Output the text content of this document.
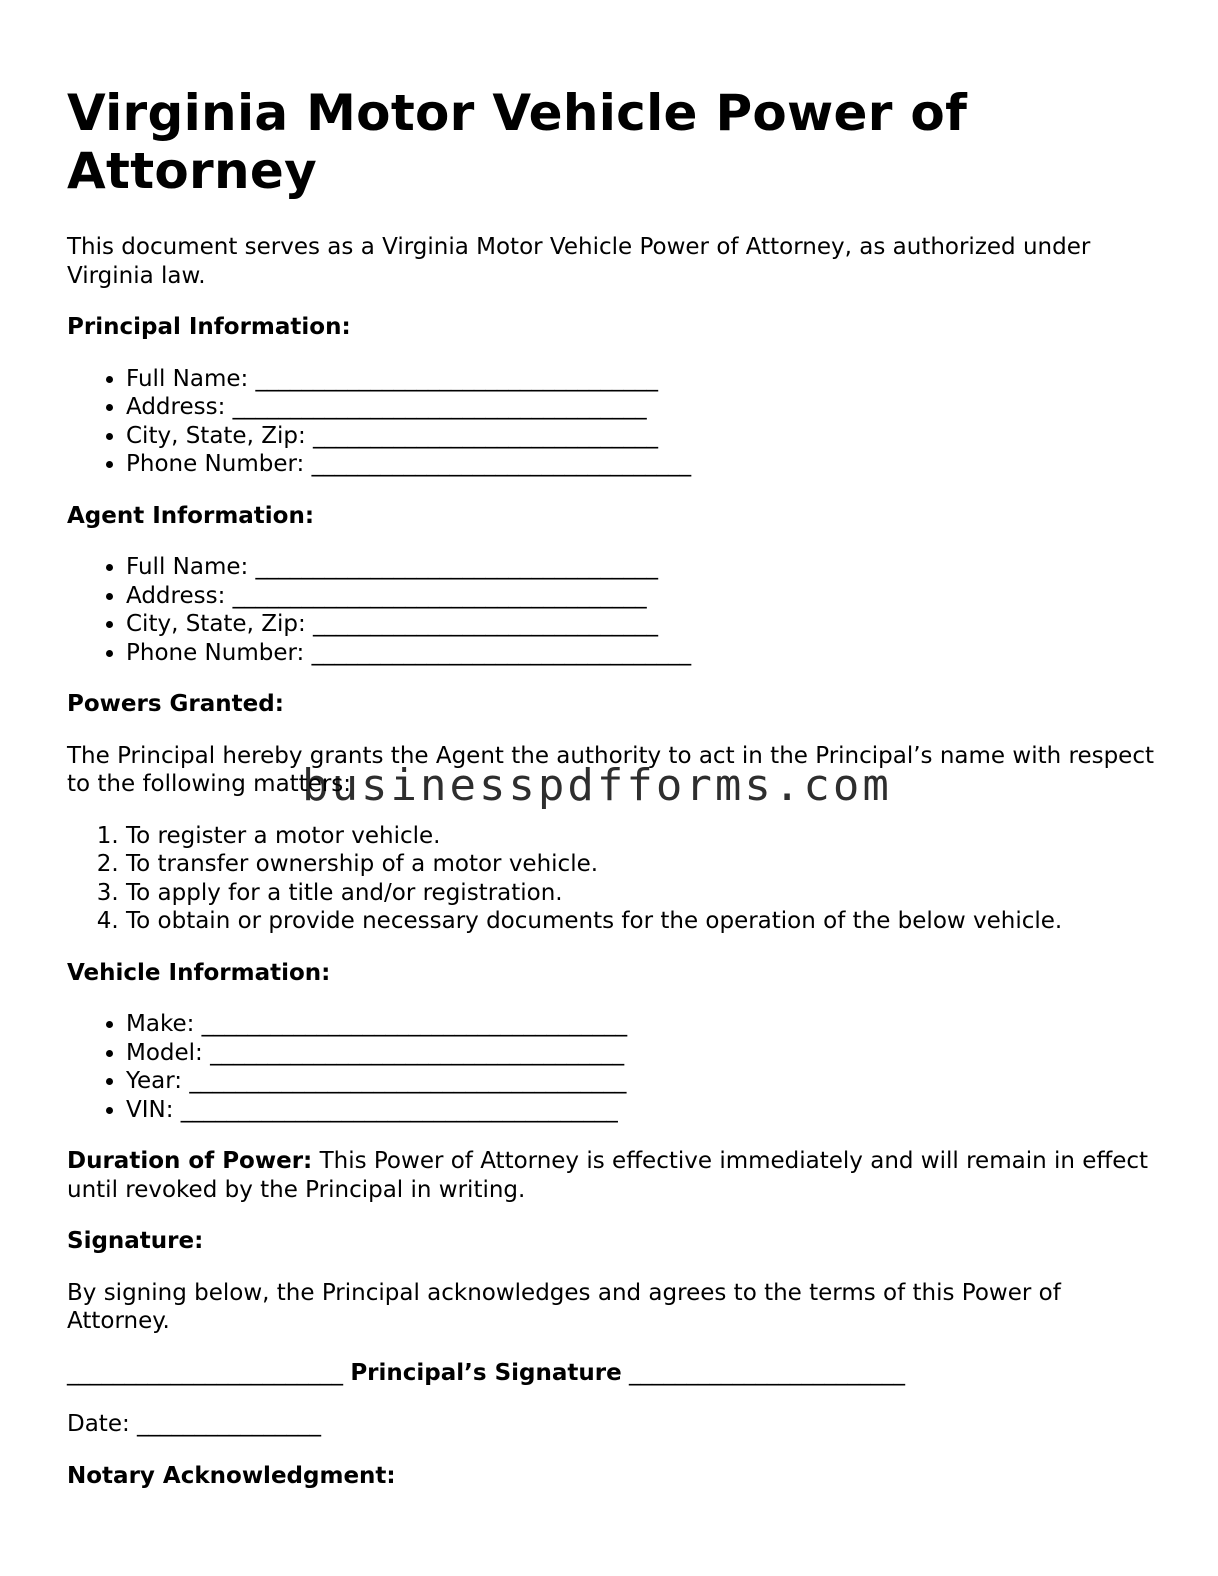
Virginia Motor Vehicle Power of Attorney

This document serves as a Virginia Motor Vehicle Power of Attorney, as authorized under Virginia law.

Principal Information:
• Full Name: ___________________________________
• Address: ____________________________________
• City, State, Zip: ______________________________
• Phone Number: _________________________________
Agent Information:
• Full Name: ___________________________________
• Address: ____________________________________
• City, State, Zip: ______________________________
• Phone Number: _________________________________
Powers Granted:

The Principal hereby grants the Agent the authority to act in the Principal’s name with respect to the following matters:

1. To register a motor vehicle.
2. To transfer ownership of a motor vehicle.
3. To apply for a title and/or registration.
4. To obtain or provide necessary documents for the operation of the below vehicle.
Vehicle Information:
• Make: _____________________________________
• Model: ____________________________________
• Year: ______________________________________
• VIN: ______________________________________

Duration of Power: This Power of Attorney is effective immediately and will remain in effect until revoked by the Principal in writing.

Signature:

By signing below, the Principal acknowledges and agrees to the terms of this Power of Attorney.

________________________ Principal’s Signature ________________________

Date: ________________

Notary Acknowledgment:
businesspdfforms.com
